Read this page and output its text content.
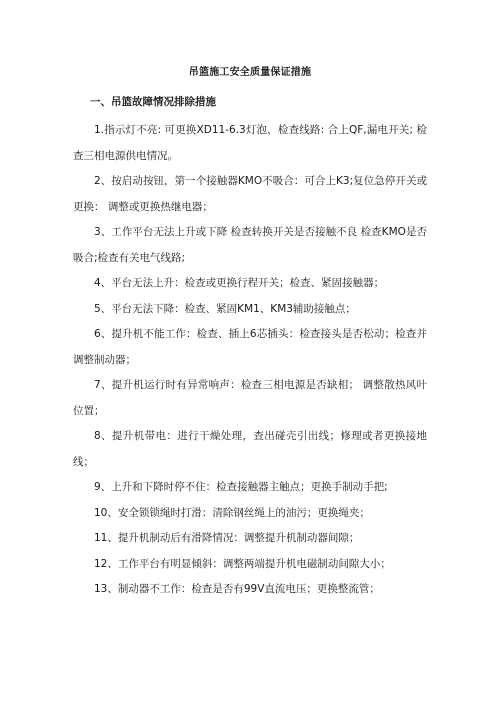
吊篮施工安全质量保证措施
一、吊篮故障情况排除措施

1.指示灯不亮: 可更换XD11-6.3灯泡，检查线路: 合上QF,漏电开关; 检查三相电源供电情况。

2、按启动按钮，第一个接触器KMO不吸合：可合上K3;复位急停开关或更换： 调整或更换热继电器；

3、工作平台无法上升或下降 检查转换开关是否接触不良 检查KMO是否吸合;检查有关电气线路;

4、平台无法上升：检查或更换行程开关；检查、紧固接触器；

5、平台无法下降：检查、紧固KM1、KM3辅助接触点；

6、提升机不能工作：检查、插上6芯插头：检查接头是否松动；检查并调整制动器；

7、提升机运行时有异常响声：检查三相电源是否缺相； 调整散热风叶位置；

8、提升机带电：进行干燥处理，查出碰壳引出线；修理或者更换接地线；

9、上升和下降时停不住：检查接触器主触点；更换手制动手把;

10、安全锁锁绳时打滑：清除钢丝绳上的油污；更换绳夹；

11、提升机制动后有滑降情况：调整提升机制动器间隙；

12、工作平台有明显倾斜：调整两端提升机电磁制动间隙大小；

13、制动器不工作：检查是否有99V直流电压；更换整流管；
